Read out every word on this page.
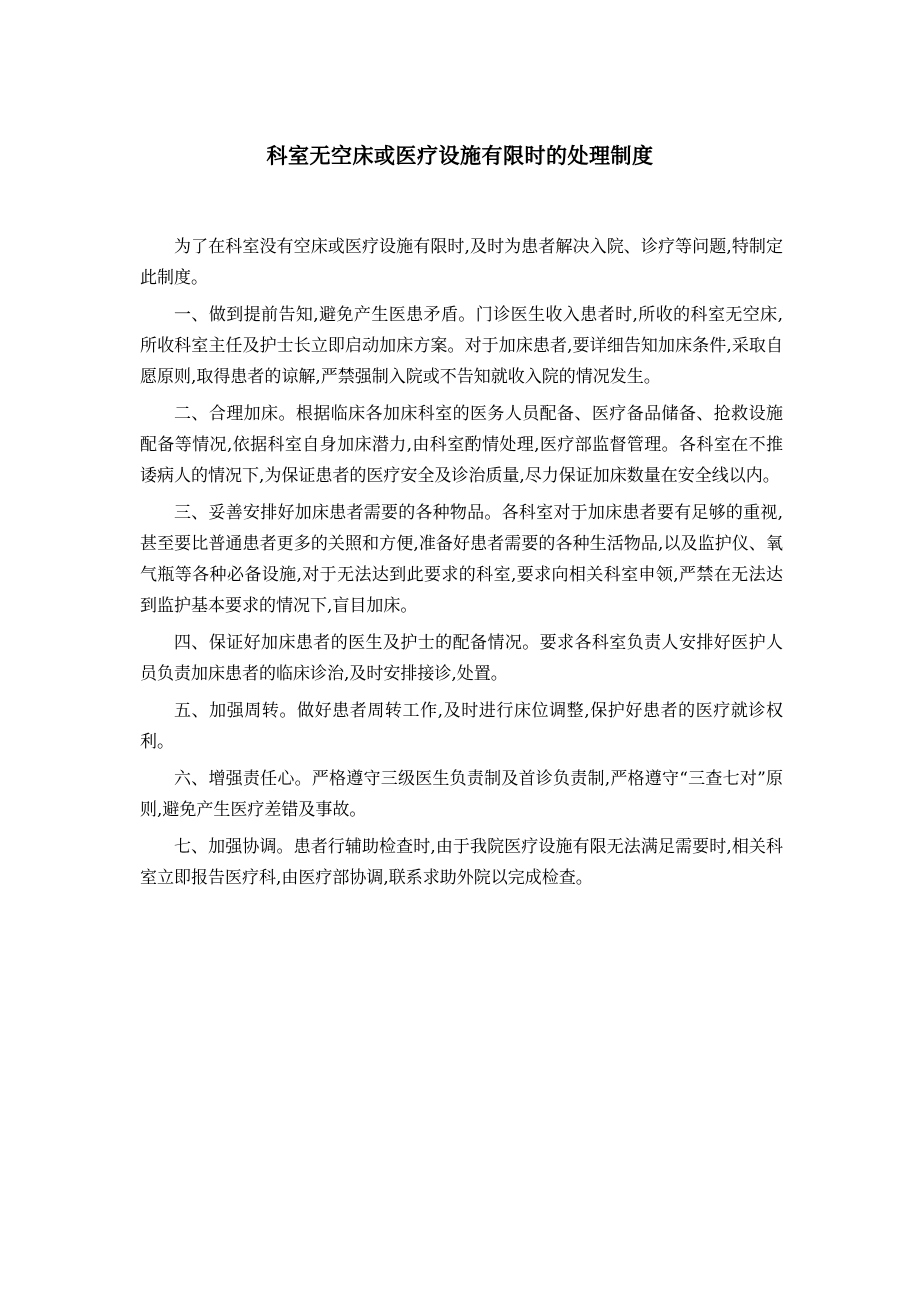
科室无空床或医疗设施有限时的处理制度

为了在科室没有空床或医疗设施有限时,及时为患者解决入院、诊疗等问题,特制定此制度。

一、做到提前告知,避免产生医患矛盾。门诊医生收入患者时,所收的科室无空床,所收科室主任及护士长立即启动加床方案。对于加床患者,要详细告知加床条件,采取自愿原则,取得患者的谅解,严禁强制入院或不告知就收入院的情况发生。

二、合理加床。根据临床各加床科室的医务人员配备、医疗备品储备、抢救设施配备等情况,依据科室自身加床潜力,由科室酌情处理,医疗部监督管理。各科室在不推诿病人的情况下,为保证患者的医疗安全及诊治质量,尽力保证加床数量在安全线以内。

三、妥善安排好加床患者需要的各种物品。各科室对于加床患者要有足够的重视,甚至要比普通患者更多的关照和方便,准备好患者需要的各种生活物品,以及监护仪、氧气瓶等各种必备设施,对于无法达到此要求的科室,要求向相关科室申领,严禁在无法达到监护基本要求的情况下,盲目加床。

四、保证好加床患者的医生及护士的配备情况。要求各科室负责人安排好医护人员负责加床患者的临床诊治,及时安排接诊,处置。

五、加强周转。做好患者周转工作,及时进行床位调整,保护好患者的医疗就诊权利。

六、增强责任心。严格遵守三级医生负责制及首诊负责制,严格遵守“三查七对”原则,避免产生医疗差错及事故。

七、加强协调。患者行辅助检查时,由于我院医疗设施有限无法满足需要时,相关科室立即报告医疗科,由医疗部协调,联系求助外院以完成检查。
